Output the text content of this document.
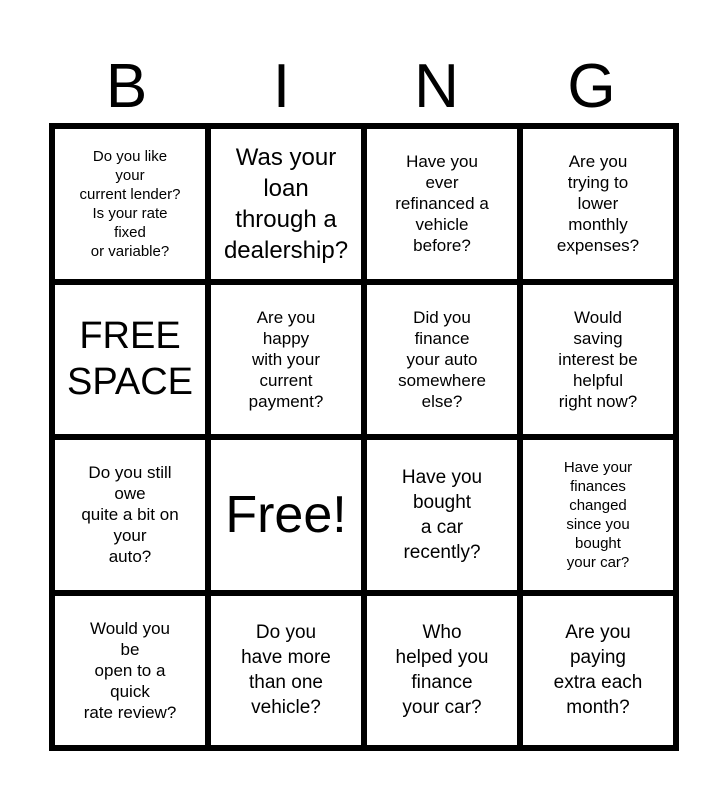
B	I	N	G
Do you like
your
current lender?
Is your rate
fixed
or variable?
Was your
loan
through a
dealership?
Have you
ever
refinanced a
vehicle
before?
Are you
trying to
lower
monthly
expenses?
FREE
SPACE
Are you
happy
with your
current
payment?
Did you
finance
your auto
somewhere
else?
Would
saving
interest be
helpful
right now?
Do you still
owe
quite a bit on
your
auto?
Free!
Have you
bought
a car
recently?
Have your
finances
changed
since you
bought
your car?
Would you
be
open to a
quick
rate review?
Do you
have more
than one
vehicle?
Who
helped you
finance
your car?
Are you
paying
extra each
month?
